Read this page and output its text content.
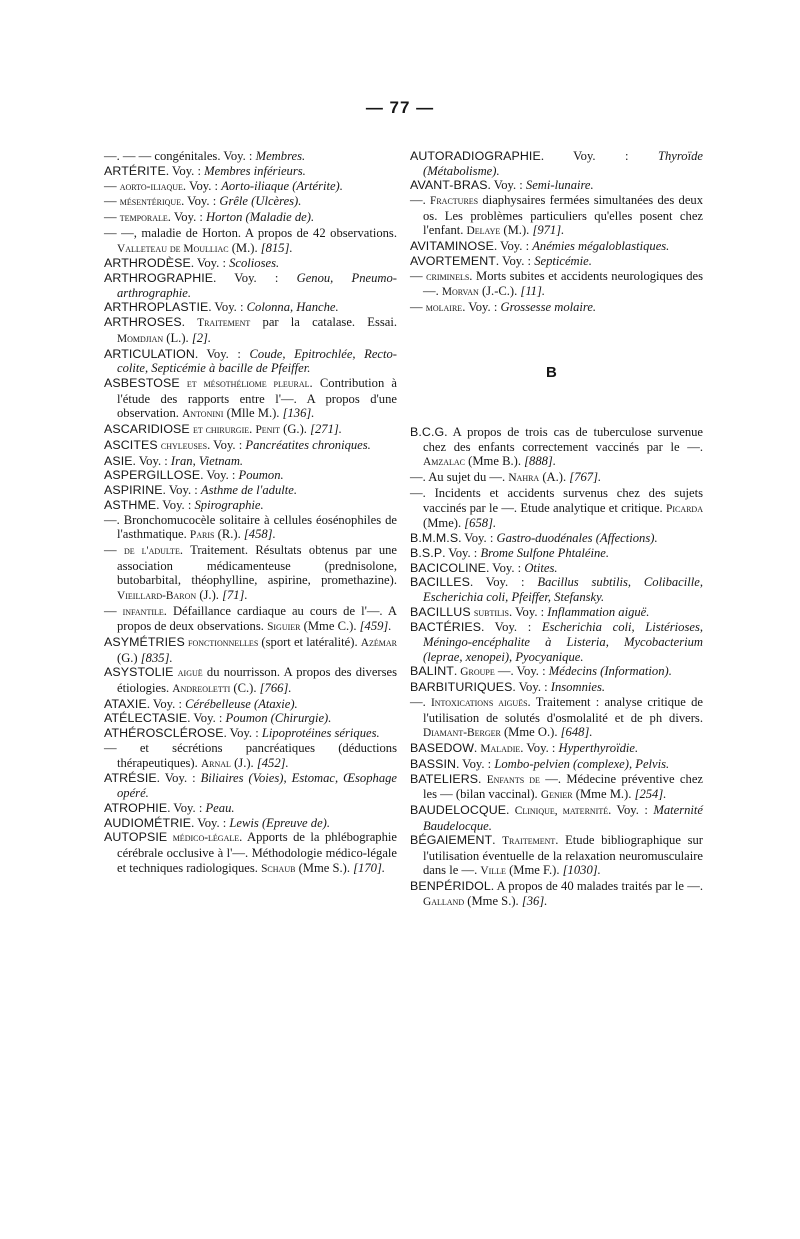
— 77 —

—. — — congénitales. Voy. : Membres.

ARTÉRITE. Voy. : Membres inférieurs.

— aorto-iliaque. Voy. : Aorto-iliaque (Artérite).

— mésentérique. Voy. : Grêle (Ulcères).

— temporale. Voy. : Horton (Maladie de).

— —, maladie de Horton. A propos de 42 observations. Valleteau de Moulliac (M.). [815].

ARTHRODÈSE. Voy. : Scolioses.

ARTHROGRAPHIE. Voy. : Genou, Pneumo-arthrographie.

ARTHROPLASTIE. Voy. : Colonna, Hanche.

ARTHROSES. Traitement par la catalase. Essai. Momdjian (L.). [2].

ARTICULATION. Voy. : Coude, Epitrochlée, Recto-colite, Septicémie à bacille de Pfeiffer.

ASBESTOSE et mésothéliome pleural. Contribution à l'étude des rapports entre l'—. A propos d'une observation. Antonini (Mlle M.). [136].

ASCARIDIOSE et chirurgie. Penit (G.). [271].

ASCITES chyleuses. Voy. : Pancréatites chroniques.

ASIE. Voy. : Iran, Vietnam.

ASPERGILLOSE. Voy. : Poumon.

ASPIRINE. Voy. : Asthme de l'adulte.

ASTHME. Voy. : Spirographie.

—. Bronchomucocèle solitaire à cellules éosénophiles de l'asthmatique. Paris (R.). [458].

— de l'adulte. Traitement. Résultats obtenus par une association médicamenteuse (prednisolone, butobarbital, théophylline, aspirine, promethazine). Vieillard-Baron (J.). [71].

— infantile. Défaillance cardiaque au cours de l'—. A propos de deux observations. Siguier (Mme C.). [459].

ASYMÉTRIES fonctionnelles (sport et latéralité). Azémar (G.) [835].

ASYSTOLIE aiguë du nourrisson. A propos des diverses étiologies. Andreoletti (C.). [766].

ATAXIE. Voy. : Cérébelleuse (Ataxie).

ATÉLECTASIE. Voy. : Poumon (Chirurgie).

ATHÉROSCLÉROSE. Voy. : Lipoprotéines sériques.

— et sécrétions pancréatiques (déductions thérapeutiques). Arnal (J.). [452].

ATRÉSIE. Voy. : Biliaires (Voies), Estomac, Œsophage opéré.

ATROPHIE. Voy. : Peau.

AUDIOMÉTRIE. Voy. : Lewis (Epreuve de).

AUTOPSIE médico-légale. Apports de la phlébographie cérébrale occlusive à l'—. Méthodologie médico-légale et techniques radiologiques. Schaub (Mme S.). [170].

AUTORADIOGRAPHIE. Voy. : Thyroïde (Métabolisme).

AVANT-BRAS. Voy. : Semi-lunaire.

—. Fractures diaphysaires fermées simultanées des deux os. Les problèmes particuliers qu'elles posent chez l'enfant. Delaye (M.). [971].

AVITAMINOSE. Voy. : Anémies mégaloblastiques.

AVORTEMENT. Voy. : Septicémie.

— criminels. Morts subites et accidents neurologiques des —. Morvan (J.-C.). [11].

— molaire. Voy. : Grossesse molaire.

B

B.C.G. A propos de trois cas de tuberculose survenue chez des enfants correctement vaccinés par le —. Amzalac (Mme B.). [888].

—. Au sujet du —. Nahra (A.). [767].

—. Incidents et accidents survenus chez des sujets vaccinés par le —. Etude analytique et critique. Picarda (Mme). [658].

B.M.M.S. Voy. : Gastro-duodénales (Affections).

B.S.P. Voy. : Brome Sulfone Phtaléine.

BACICOLINE. Voy. : Otites.

BACILLES. Voy. : Bacillus subtilis, Colibacille, Escherichia coli, Pfeiffer, Stefansky.

BACILLUS subtilis. Voy. : Inflammation aiguë.

BACTÉRIES. Voy. : Escherichia coli, Listérioses, Méningo-encéphalite à Listeria, Mycobacterium (leprae, xenopei), Pyocyanique.

BALINT. Groupe —. Voy. : Médecins (Information).

BARBITURIQUES. Voy. : Insomnies.

—. Intoxications aiguës. Traitement : analyse critique de l'utilisation de solutés d'osmolalité et de ph divers. Diamant-Berger (Mme O.). [648].

BASEDOW. Maladie. Voy. : Hyperthyroïdie.

BASSIN. Voy. : Lombo-pelvien (complexe), Pelvis.

BATELIERS. Enfants de —. Médecine préventive chez les — (bilan vaccinal). Genier (Mme M.). [254].

BAUDELOCQUE. Clinique, maternité. Voy. : Maternité Baudelocque.

BÉGAIEMENT. Traitement. Etude bibliographique sur l'utilisation éventuelle de la relaxation neuromusculaire dans le —. Ville (Mme F.). [1030].

BENPÉRIDOL. A propos de 40 malades traités par le —. Galland (Mme S.). [36].
